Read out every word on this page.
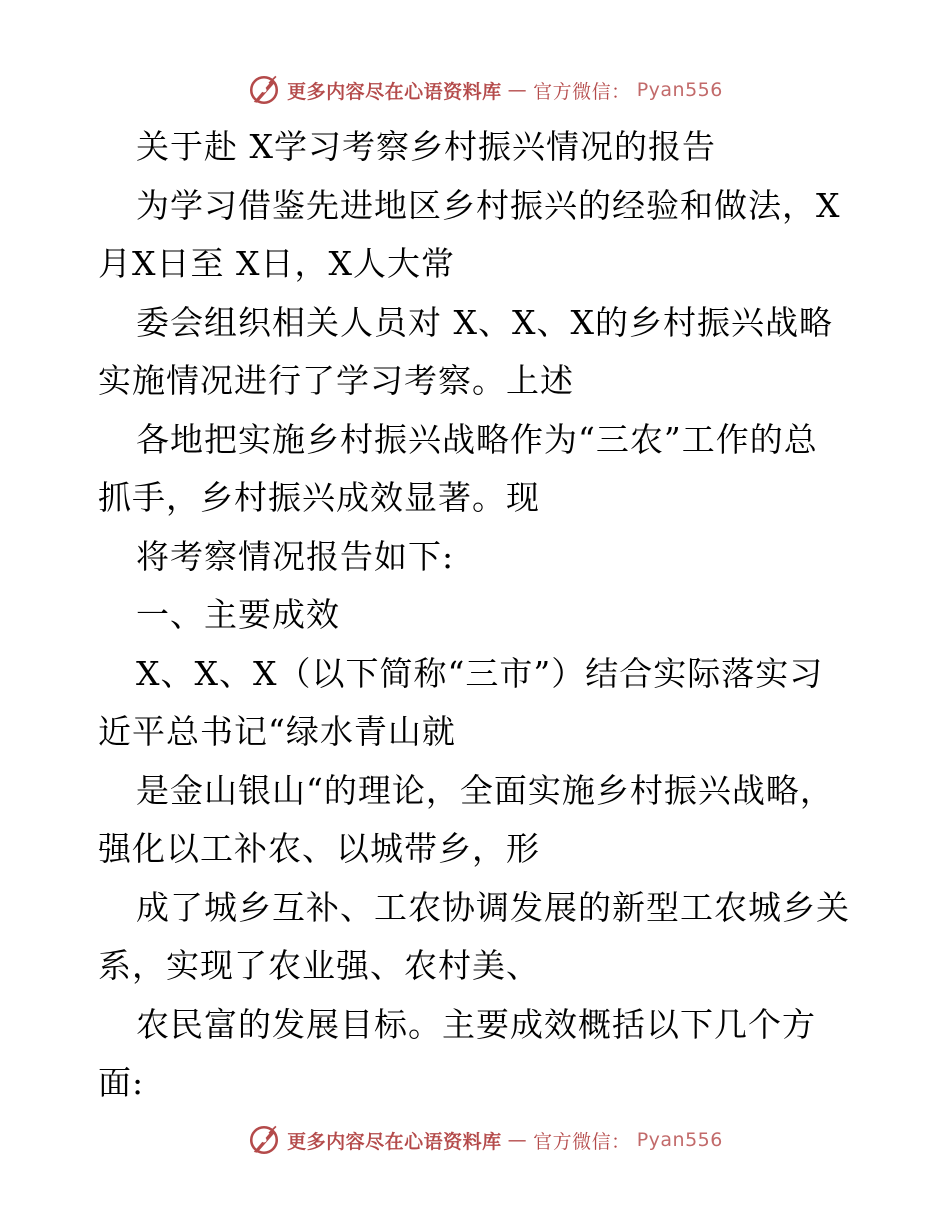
更多内容尽在心语资料库 — 官方微信： Pyan556
关于赴 X学习考察乡村振兴情况的报告
为学习借鉴先进地区乡村振兴的经验和做法，X
月X日至 X日，X人大常
委会组织相关人员对 X、X、X的乡村振兴战略
实施情况进行了学习考察。上述
各地把实施乡村振兴战略作为“三农”工作的总
抓手，乡村振兴成效显著。现
将考察情况报告如下:
一、主要成效
X、X、X（以下简称“三市”）结合实际落实习
近平总书记“绿水青山就
是金山银山“的理论，全面实施乡村振兴战略，
强化以工补农、以城带乡，形
成了城乡互补、工农协调发展的新型工农城乡关
系，实现了农业强、农村美、
农民富的发展目标。主要成效概括以下几个方
面:
更多内容尽在心语资料库 — 官方微信： Pyan556
